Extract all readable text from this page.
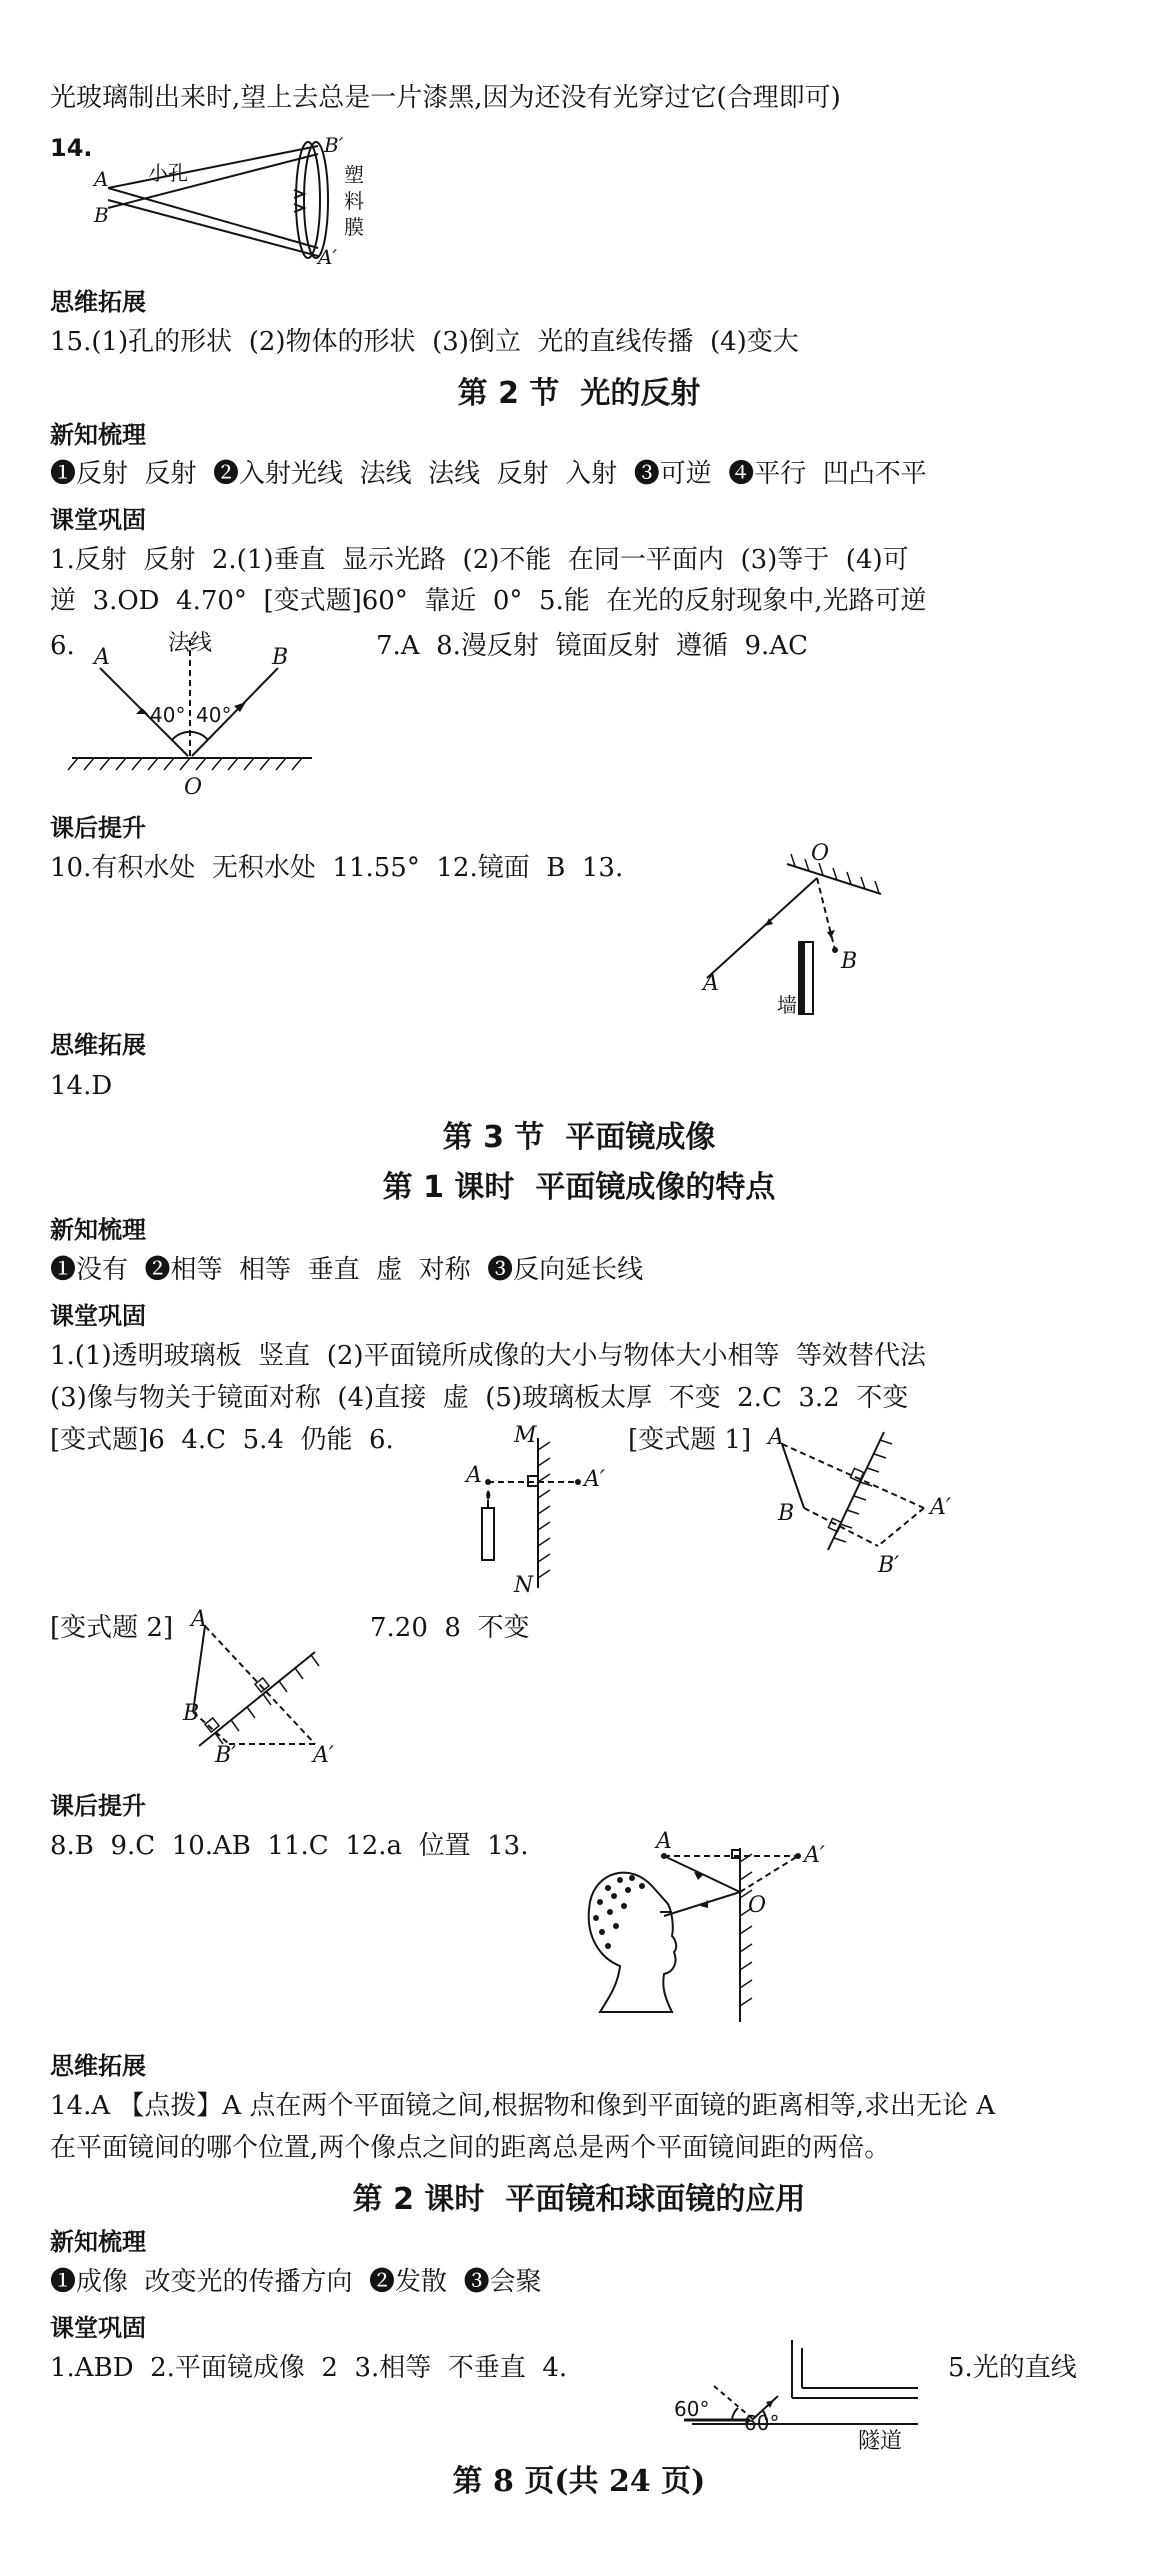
光玻璃制出来时,望上去总是一片漆黑,因为还没有光穿过它(合理即可)
14.
A
B
小孔
B′
A′
塑
料
膜
思维拓展
15.(1)孔的形状  (2)物体的形状  (3)倒立  光的直线传播  (4)变大
第 2 节  光的反射
新知梳理
❶反射  反射  ❷入射光线  法线  法线  反射  入射  ❸可逆  ❹平行  凹凸不平
课堂巩固
1.反射  反射  2.(1)垂直  显示光路  (2)不能  在同一平面内  (3)等于  (4)可
逆  3.OD  4.70°  [变式题]60°  靠近  0°  5.能  在光的反射现象中,光路可逆
6.	7.A  8.漫反射  镜面反射  遵循  9.AC
法线
A	B
O
40° 40°
课后提升
10.有积水处  无积水处  11.55°  12.镜面  B  13.	O
A
B
墙
思维拓展
14.D
第 3 节  平面镜成像
第 1 课时  平面镜成像的特点
新知梳理
❶没有  ❷相等  相等  垂直  虚  对称  ❸反向延长线
课堂巩固
1.(1)透明玻璃板  竖直  (2)平面镜所成像的大小与物体大小相等  等效替代法
(3)像与物关于镜面对称  (4)直接  虚  (5)玻璃板太厚  不变  2.C  3.2  不变
[变式题]6  4.C  5.4  仍能  6.	[变式题 1]
M
N
A	A′
A
B	A′
B′
[变式题 2]	7.20  8  不变
A
B
B′	A′
课后提升
8.B  9.C  10.AB  11.C  12.a  位置  13.	A
A′
O
思维拓展
14.A 【点拨】A 点在两个平面镜之间,根据物和像到平面镜的距离相等,求出无论 A
在平面镜间的哪个位置,两个像点之间的距离总是两个平面镜间距的两倍。
第 2 课时  平面镜和球面镜的应用
新知梳理
❶成像  改变光的传播方向  ❷发散  ❸会聚
课堂巩固
1.ABD  2.平面镜成像  2  3.相等  不垂直  4.	5.光的直线
60°
60°
隧道
第 8 页(共 24 页)
